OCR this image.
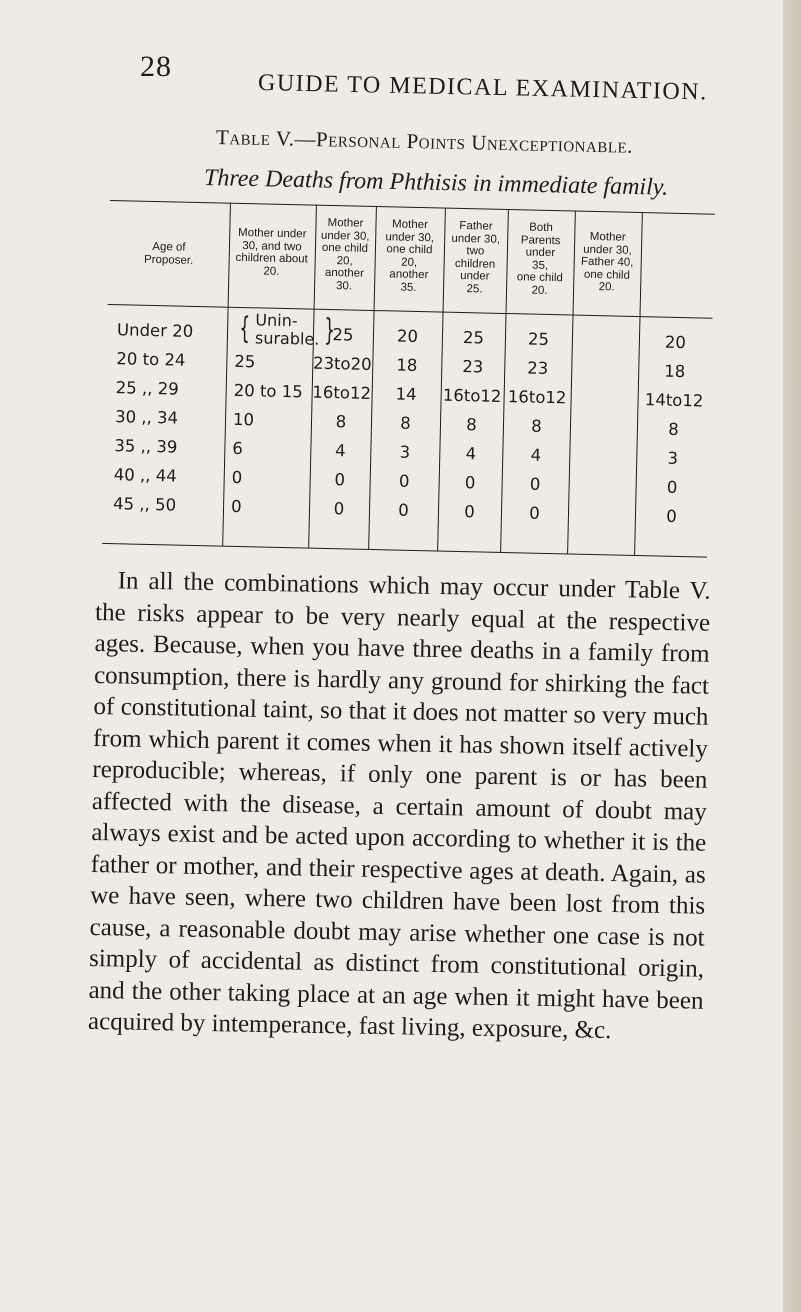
28
GUIDE TO MEDICAL EXAMINATION.
Table V.—Personal Points Unexceptionable.
Three Deaths from Phthisis in immediate family.
Age of
Proposer.
Mother under
30, and two
children about
20.
Mother
under 30,
one child
20,
another
30.
Mother
under 30,
one child
20,
another
35.
Father
under 30,
two
children
under
25.
Both
Parents
under
35,
one child
20.
Mother
under 30,
Father 40,
one child
20.
Under 20
20 to 24
25 ,, 29
30 ,, 34
35 ,, 39
40 ,, 44
45 ,, 50
{ Unin-
surable. }
25
20 to 15
10
6
0
0
25
23to20
16to12
8
4
0
0
20
18
14
8
3
0
0
25
23
16to12
8
4
0
0
25
23
16to12
8
4
0
0
20
18
14to12
8
3
0
0

In all the combinations which may occur under Table V. the risks appear to be very nearly equal at the respective ages. Because, when you have three deaths in a family from consumption, there is hardly any ground for shirking the fact of constitutional taint, so that it does not matter so very much from which parent it comes when it has shown itself actively reproducible; whereas, if only one parent is or has been affected with the disease, a certain amount of doubt may always exist and be acted upon according to whether it is the father or mother, and their respective ages at death. Again, as we have seen, where two children have been lost from this cause, a reasonable doubt may arise whether one case is not simply of accidental as distinct from constitutional origin, and the other taking place at an age when it might have been acquired by intemperance, fast living, exposure, &c.
